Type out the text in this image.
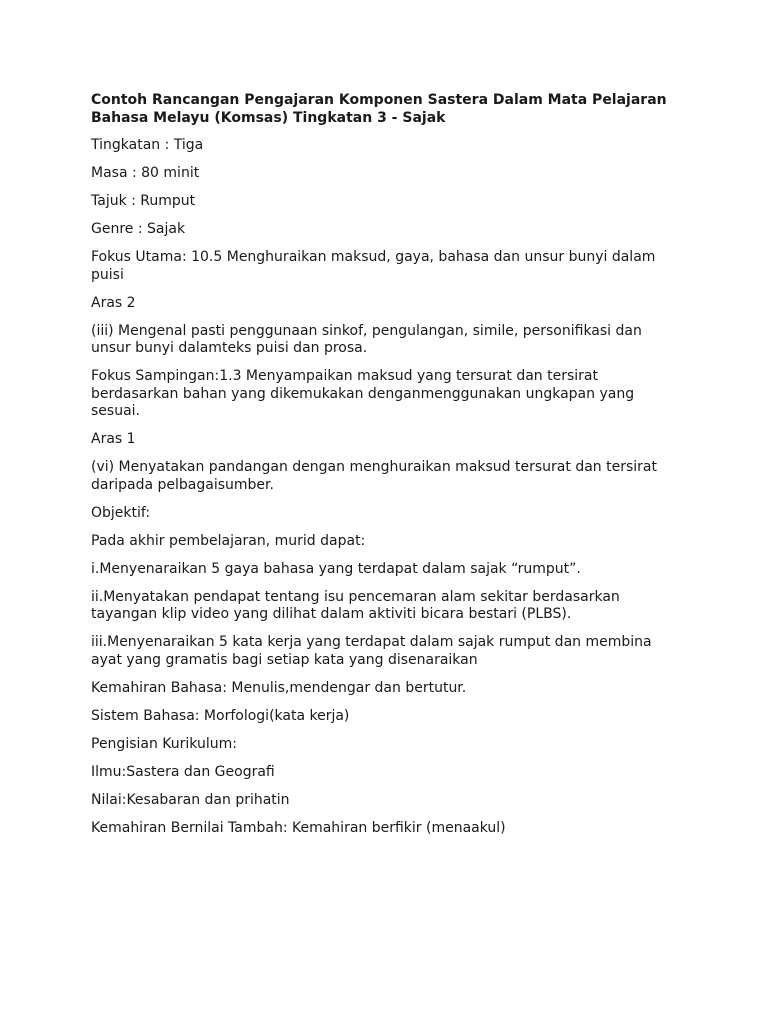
Contoh Rancangan Pengajaran Komponen Sastera Dalam Mata Pelajaran
Bahasa Melayu (Komsas) Tingkatan 3 - Sajak

Tingkatan : Tiga

Masa : 80 minit

Tajuk : Rumput

Genre : Sajak

Fokus Utama: 10.5 Menghuraikan maksud, gaya, bahasa dan unsur bunyi dalam puisi

Aras 2

(iii) Mengenal pasti penggunaan sinkof, pengulangan, simile, personifikasi dan unsur bunyi dalamteks puisi dan prosa.

Fokus Sampingan:1.3 Menyampaikan maksud yang tersurat dan tersirat berdasarkan bahan yang dikemukakan denganmenggunakan ungkapan yang sesuai.

Aras 1

(vi) Menyatakan pandangan dengan menghuraikan maksud tersurat dan tersirat daripada pelbagaisumber.

Objektif:

Pada akhir pembelajaran, murid dapat:

i.Menyenaraikan 5 gaya bahasa yang terdapat dalam sajak “rumput”.

ii.Menyatakan pendapat tentang isu pencemaran alam sekitar berdasarkan tayangan klip video yang dilihat dalam aktiviti bicara bestari (PLBS).

iii.Menyenaraikan 5 kata kerja yang terdapat dalam sajak rumput dan membina ayat yang gramatis bagi setiap kata yang disenaraikan

Kemahiran Bahasa: Menulis,mendengar dan bertutur.

Sistem Bahasa: Morfologi(kata kerja)

Pengisian Kurikulum:

Ilmu:Sastera dan Geografi

Nilai:Kesabaran dan prihatin

Kemahiran Bernilai Tambah: Kemahiran berfikir (menaakul)
